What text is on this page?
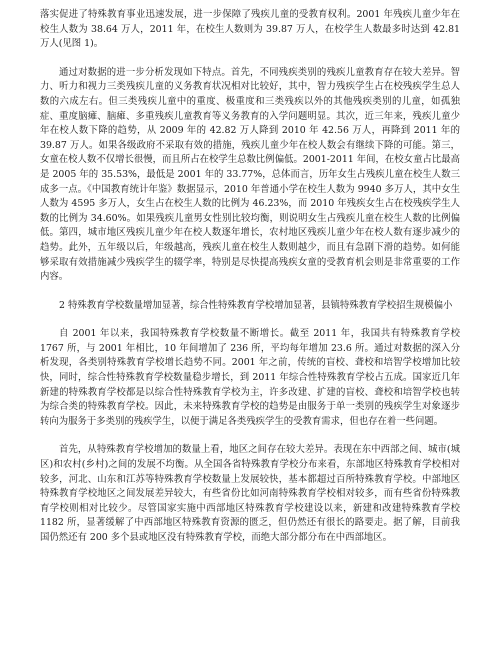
落实促进了特殊教育事业迅速发展，进一步保障了残疾儿童的受教育权利。2001 年残疾儿童少年在校生人数为 38.64 万人，2011 年，在校生人数则为 39.87 万人，在校学生人数最多时达到 42.81 万人(见图 1)。

通过对数据的进一步分析发现如下特点。首先，不同残疾类别的残疾儿童教育存在较大差异。智力、听力和视力三类残疾儿童的义务教育状况相对比较好，其中，智力残疾学生占在校残疾学生总人数的六成左右。但三类残疾儿童中的重度、极重度和三类残疾以外的其他残疾类别的儿童，如孤独症、重度脑瘫、脑瘫、多重残疾儿童教育等义务教育的入学问题明显。其次，近三年来，残疾儿童少年在校人数下降的趋势，从 2009 年的 42.82 万人降到 2010 年 42.56 万人，再降到 2011 年的 39.87 万人。如果各级政府不采取有效的措施，残疾儿童少年在校人数会有继续下降的可能。第三，女童在校人数不仅增长很慢，而且所占在校学生总数比例偏低。2001-2011 年间，在校女童占比最高是 2005 年的 35.53%，最低是 2001 年的 33.77%，总体而言，历年女生占残疾儿童在校生人数三成多一点。《中国教育统计年鉴》数据显示，2010 年普通小学在校生人数为 9940 多万人，其中女生人数为 4595 多万人，女生占在校生人数的比例为 46.23%，而 2010 年残疾女生占在校残疾学生人数的比例为 34.60%。如果残疾儿童男女性别比较均衡，则说明女生占残疾儿童在校生人数的比例偏低。第四，城市地区残疾儿童少年在校人数逐年增长，农村地区残疾儿童少年在校人数有逐步减少的趋势。此外，五年级以后，年级越高，残疾儿童在校生人数则越少，而且有急剧下滑的趋势。如何能够采取有效措施减少残疾学生的辍学率，特别是尽快提高残疾女童的受教育机会则是非常重要的工作内容。

2 特殊教育学校数量增加显著，综合性特殊教育学校增加显著，县镇特殊教育学校招生规模偏小

自 2001 年以来，我国特殊教育学校数量不断增长。截至 2011 年，我国共有特殊教育学校 1767 所，与 2001 年相比，10 年间增加了 236 所，平均每年增加 23.6 所。通过对数据的深入分析发现，各类别特殊教育学校增长趋势不同。2001 年之前，传统的盲校、聋校和培智学校增加比较快，同时，综合性特殊教育学校数量稳步增长，到 2011 年综合性特殊教育学校占五成。国家近几年新建的特殊教育学校都是以综合性特殊教育学校为主，许多改建、扩建的盲校、聋校和培智学校也转为综合类的特殊教育学校。因此，未来特殊教育学校的趋势是由服务于单一类别的残疾学生对象逐步转向为服务于多类别的残疾学生，以便于满足各类残疾学生的受教育需求，但也存在着一些问题。

首先，从特殊教育学校增加的数量上看，地区之间存在较大差异。表现在东中西部之间、城市(城区)和农村(乡村)之间的发展不均衡。从全国各省特殊教育学校分布来看，东部地区特殊教育学校相对较多，河北、山东和江苏等特殊教育学校数量上发展较快，基本都超过百所特殊教育学校。中部地区特殊教育学校地区之间发展差异较大，有些省份比如河南特殊教育学校相对较多，而有些省份特殊教育学校则相对比较少。尽管国家实施中西部地区特殊教育学校建设以来，新建和改建特殊教育学校 1182 所，显著缓解了中西部地区特殊教育资源的匮乏，但仍然还有很长的路要走。据了解，目前我国仍然还有 200 多个县或地区没有特殊教育学校，而绝大部分都分布在中西部地区。
